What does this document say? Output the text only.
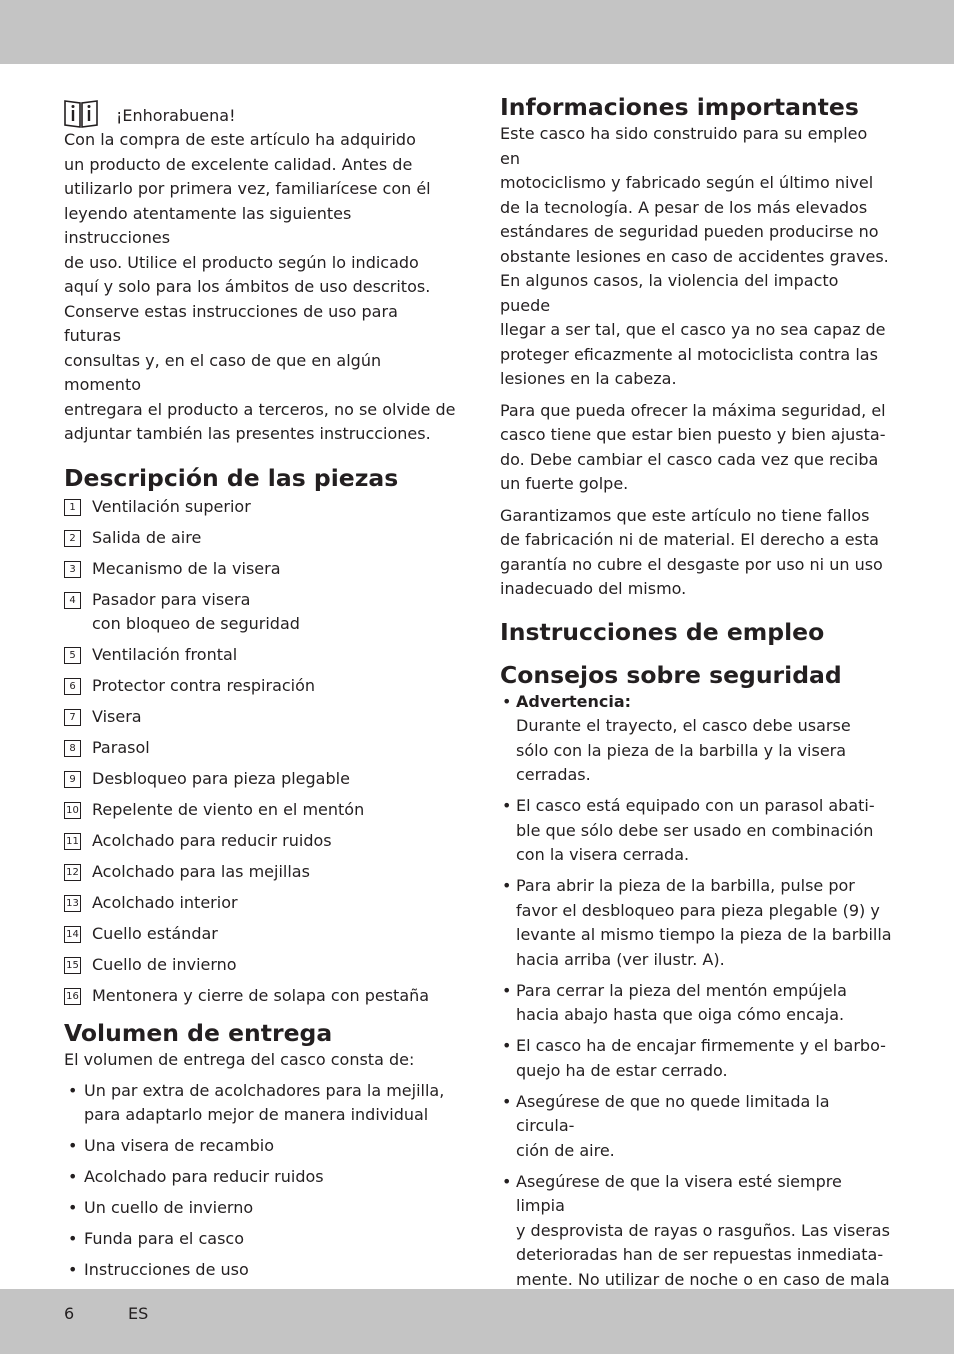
¡Enhorabuena!

Con la compra de este artículo ha adquirido
un producto de excelente calidad. Antes de
utilizarlo por primera vez, familiarícese con él
leyendo atentamente las siguientes instrucciones
de uso. Utilice el producto según lo indicado
aquí y solo para los ámbitos de uso descritos.
Conserve estas instrucciones de uso para futuras
consultas y, en el caso de que en algún momento
entregara el producto a terceros, no se olvide de
adjuntar también las presentes instrucciones.

Descripción de las piezas
1	Ventilación superior
2	Salida de aire
3	Mecanismo de la visera
4	Pasador para visera
con bloqueo de seguridad
5	Ventilación frontal
6	Protector contra respiración
7	Visera
8	Parasol
9	Desbloqueo para pieza plegable
10 Repelente de viento en el mentón
11 Acolchado para reducir ruidos
12 Acolchado para las mejillas
13 Acolchado interior
14 Cuello estándar
15 Cuello de invierno
16 Mentonera y cierre de solapa con pestaña
Volumen de entrega

El volumen de entrega del casco consta de:

• Un par extra de acolchadores para la mejilla,
para adaptarlo mejor de manera individual
• Una visera de recambio
• Acolchado para reducir ruidos
• Un cuello de invierno
• Funda para el casco
• Instrucciones de uso
Informaciones importantes

Este casco ha sido construido para su empleo en
motociclismo y fabricado según el último nivel
de la tecnología. A pesar de los más elevados
estándares de seguridad pueden producirse no
obstante lesiones en caso de accidentes graves.
En algunos casos, la violencia del impacto puede
llegar a ser tal, que el casco ya no sea capaz de
proteger eficazmente al motociclista contra las
lesiones en la cabeza.

Para que pueda ofrecer la máxima seguridad, el
casco tiene que estar bien puesto y bien ajusta-
do. Debe cambiar el casco cada vez que reciba
un fuerte golpe.

Garantizamos que este artículo no tiene fallos
de fabricación ni de material. El derecho a esta
garantía no cubre el desgaste por uso ni un uso
inadecuado del mismo.

Instrucciones de empleo
Consejos sobre seguridad
• Advertencia:
Durante el trayecto, el casco debe usarse
sólo con la pieza de la barbilla y la visera
cerradas.
• El casco está equipado con un parasol abati-
ble que sólo debe ser usado en combinación
con la visera cerrada.
• Para abrir la pieza de la barbilla, pulse por
favor el desbloqueo para pieza plegable (9) y
levante al mismo tiempo la pieza de la barbilla
hacia arriba (ver ilustr. A).
• Para cerrar la pieza del mentón empújela
hacia abajo hasta que oiga cómo encaja.
• El casco ha de encajar firmemente y el barbo-
quejo ha de estar cerrado.
• Asegúrese de que no quede limitada la circula-
ción de aire.
• Asegúrese de que la visera esté siempre limpia
y desprovista de rayas o rasguños. Las viseras
deterioradas han de ser repuestas inmediata-
mente. No utilizar de noche o en caso de mala

6	ES
